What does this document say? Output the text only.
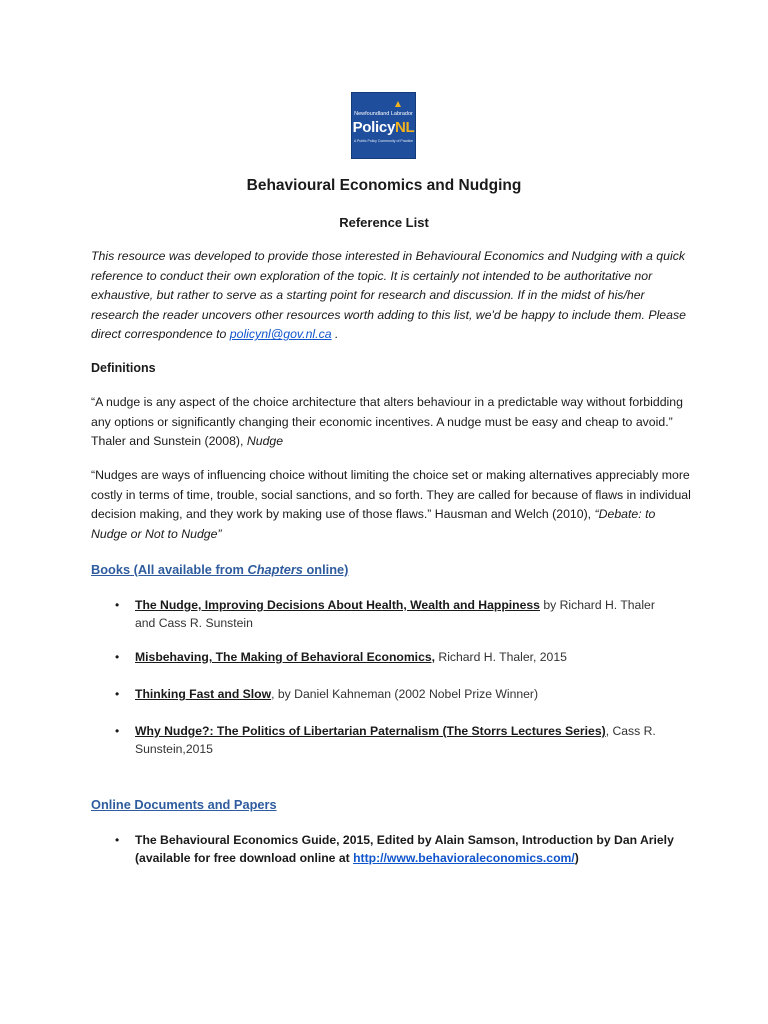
Newfoundland Labrador
PolicyNL
A Public Policy Community of Practice
Behavioural Economics and Nudging
Reference List
This resource was developed to provide those interested in Behavioural Economics and Nudging with a quick reference to conduct their own exploration of the topic. It is certainly not intended to be authoritative nor exhaustive, but rather to serve as a starting point for research and discussion. If in the midst of his/her research the reader uncovers other resources worth adding to this list, we'd be happy to include them. Please direct correspondence to policynl@gov.nl.ca .
Definitions
“A nudge is any aspect of the choice architecture that alters behaviour in a predictable way without forbidding any options or significantly changing their economic incentives. A nudge must be easy and cheap to avoid.” Thaler and Sunstein (2008), Nudge
“Nudges are ways of influencing choice without limiting the choice set or making alternatives appreciably more costly in terms of time, trouble, social sanctions, and so forth. They are called for because of flaws in individual decision making, and they work by making use of those flaws.” Hausman and Welch (2010), “Debate: to Nudge or Not to Nudge”
Books (All available from Chapters online)
•	The Nudge, Improving Decisions About Health, Wealth and Happiness by Richard H. Thaler and Cass R. Sunstein
•	Misbehaving, The Making of Behavioral Economics, Richard H. Thaler, 2015
•	Thinking Fast and Slow, by Daniel Kahneman (2002 Nobel Prize Winner)
•	Why Nudge?: The Politics of Libertarian Paternalism (The Storrs Lectures Series), Cass R. Sunstein,2015
Online Documents and Papers
•	The Behavioural Economics Guide, 2015, Edited by Alain Samson, Introduction by Dan Ariely (available for free download online at http://www.behavioraleconomics.com/)
